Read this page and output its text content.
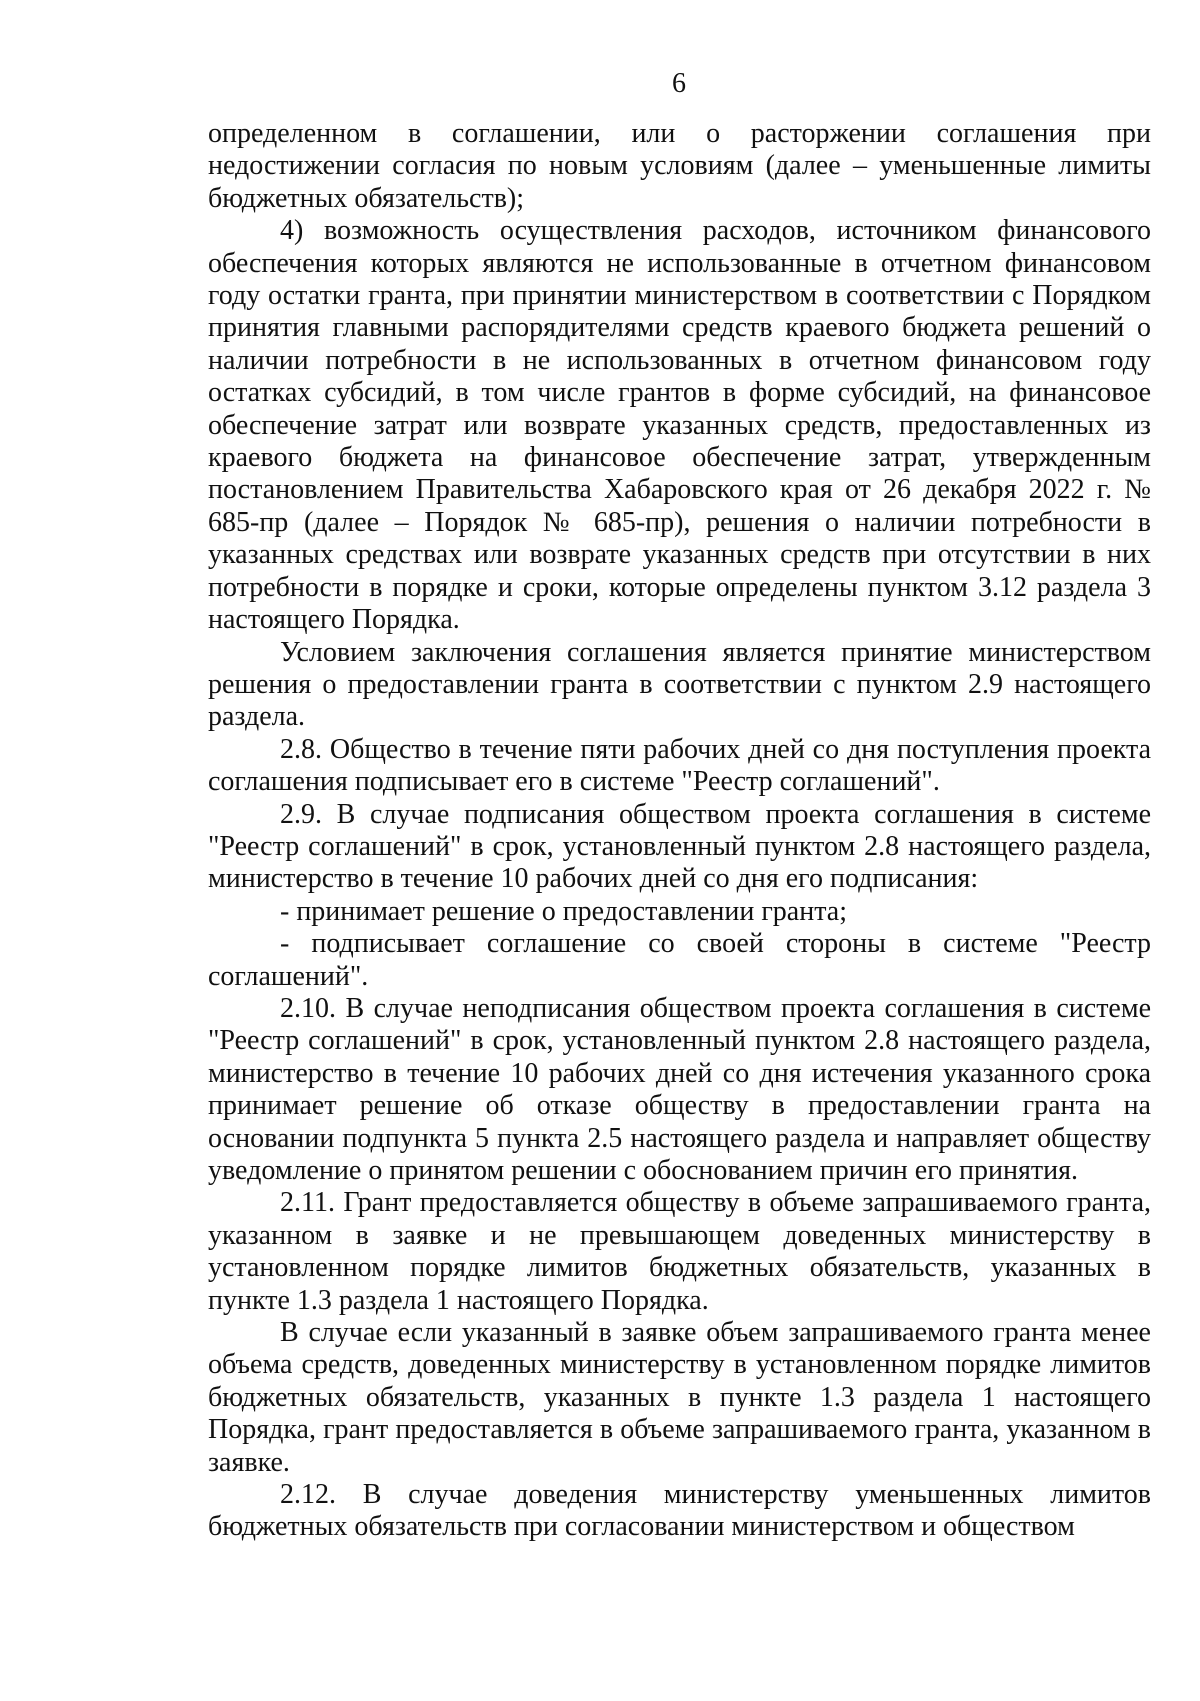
6

определенном в соглашении, или о расторжении соглашения при недостижении согласия по новым условиям (далее – уменьшенные лимиты бюджетных обязательств);

4) возможность осуществления расходов, источником финансового обеспечения которых являются не использованные в отчетном финансовом году остатки гранта, при принятии министерством в соответствии с Порядком принятия главными распорядителями средств краевого бюджета решений о наличии потребности в не использованных в отчетном финансовом году остатках субсидий, в том числе грантов в форме субсидий, на финансовое обеспечение затрат или возврате указанных средств, предоставленных из краевого бюджета на финансовое обеспечение затрат, утвержденным постановлением Правительства Хабаровского края от 26 декабря 2022 г. № 685-пр (далее – Порядок № 685-пр), решения о наличии потребности в указанных средствах или возврате указанных средств при отсутствии в них потребности в порядке и сроки, которые определены пунктом 3.12 раздела 3 настоящего Порядка.

Условием заключения соглашения является принятие министерством решения о предоставлении гранта в соответствии с пунктом 2.9 настоящего раздела.

2.8. Общество в течение пяти рабочих дней со дня поступления проекта соглашения подписывает его в системе "Реестр соглашений".

2.9. В случае подписания обществом проекта соглашения в системе "Реестр соглашений" в срок, установленный пунктом 2.8 настоящего раздела, министерство в течение 10 рабочих дней со дня его подписания:

- принимает решение о предоставлении гранта;

- подписывает соглашение со своей стороны в системе "Реестр соглашений".

2.10. В случае неподписания обществом проекта соглашения в системе "Реестр соглашений" в срок, установленный пунктом 2.8 настоящего раздела, министерство в течение 10 рабочих дней со дня истечения указанного срока принимает решение об отказе обществу в предоставлении гранта на основании подпункта 5 пункта 2.5 настоящего раздела и направляет обществу уведомление о принятом решении с обоснованием причин его принятия.

2.11. Грант предоставляется обществу в объеме запрашиваемого гранта, указанном в заявке и не превышающем доведенных министерству в установленном порядке лимитов бюджетных обязательств, указанных в пункте 1.3 раздела 1 настоящего Порядка.

В случае если указанный в заявке объем запрашиваемого гранта менее объема средств, доведенных министерству в установленном порядке лимитов бюджетных обязательств, указанных в пункте 1.3 раздела 1 настоящего Порядка, грант предоставляется в объеме запрашиваемого гранта, указанном в заявке.

2.12. В случае доведения министерству уменьшенных лимитов бюджетных обязательств при согласовании министерством и обществом
